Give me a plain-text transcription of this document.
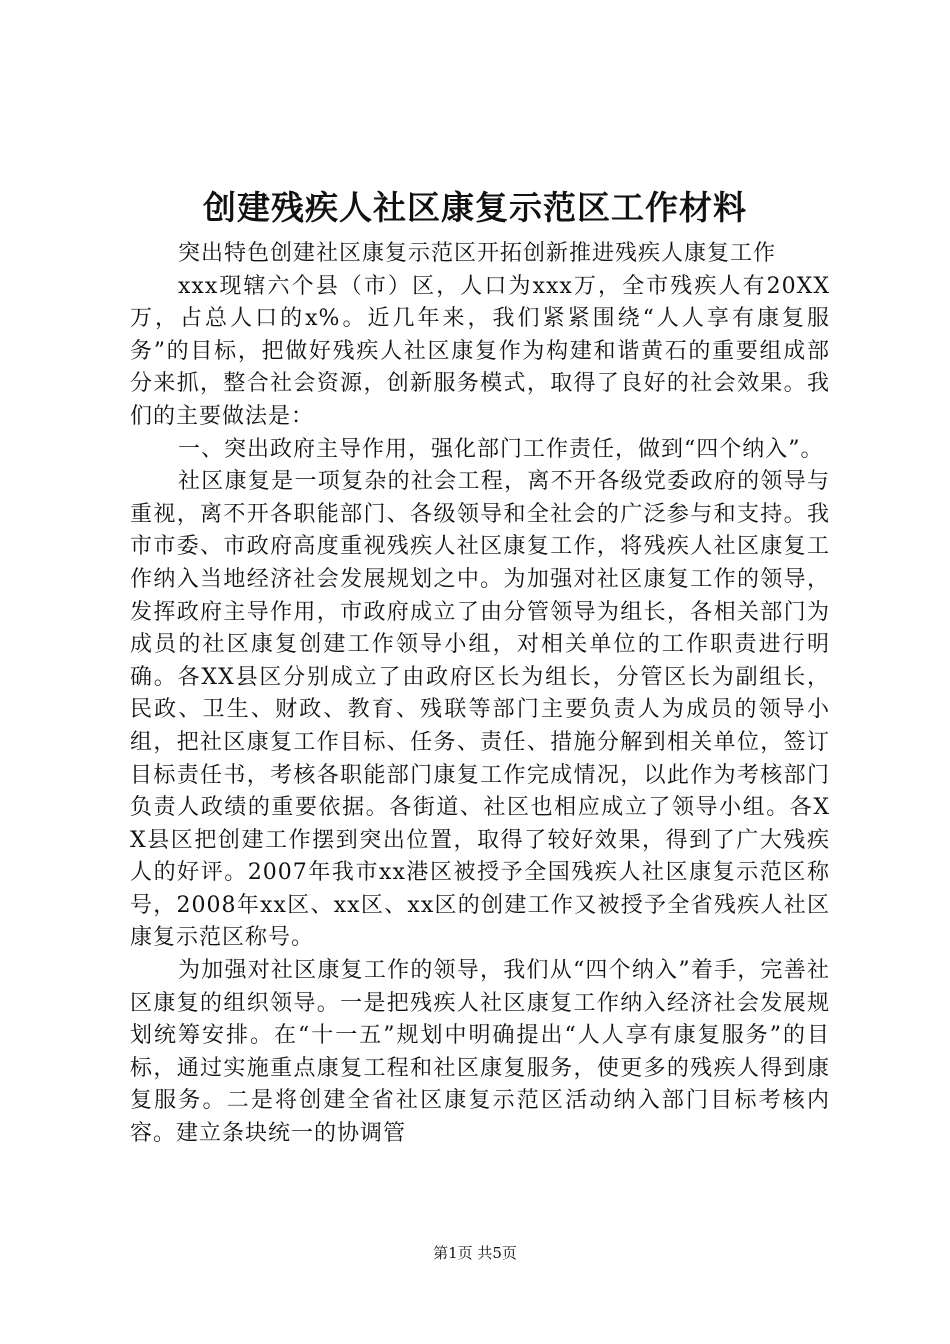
创建残疾人社区康复示范区工作材料

突出特色创建社区康复示范区开拓创新推进残疾人康复工作

xxx现辖六个县（市）区，人口为xxx万，全市残疾人有20XX万，占总人口的x%。近几年来，我们紧紧围绕“人人享有康复服务”的目标，把做好残疾人社区康复作为构建和谐黄石的重要组成部分来抓，整合社会资源，创新服务模式，取得了良好的社会效果。我们的主要做法是：

一、突出政府主导作用，强化部门工作责任，做到“四个纳入”。

社区康复是一项复杂的社会工程，离不开各级党委政府的领导与重视，离不开各职能部门、各级领导和全社会的广泛参与和支持。我市市委、市政府高度重视残疾人社区康复工作，将残疾人社区康复工作纳入当地经济社会发展规划之中。为加强对社区康复工作的领导，发挥政府主导作用，市政府成立了由分管领导为组长，各相关部门为成员的社区康复创建工作领导小组，对相关单位的工作职责进行明确。各XX县区分别成立了由政府区长为组长，分管区长为副组长，民政、卫生、财政、教育、残联等部门主要负责人为成员的领导小组，把社区康复工作目标、任务、责任、措施分解到相关单位，签订目标责任书，考核各职能部门康复工作完成情况，以此作为考核部门负责人政绩的重要依据。各街道、社区也相应成立了领导小组。各XX县区把创建工作摆到突出位置，取得了较好效果，得到了广大残疾人的好评。2007年我市xx港区被授予全国残疾人社区康复示范区称号，2008年xx区、xx区、xx区的创建工作又被授予全省残疾人社区康复示范区称号。

为加强对社区康复工作的领导，我们从“四个纳入”着手，完善社区康复的组织领导。一是把残疾人社区康复工作纳入经济社会发展规划统筹安排。在“十一五”规划中明确提出“人人享有康复服务”的目标，通过实施重点康复工程和社区康复服务，使更多的残疾人得到康复服务。二是将创建全省社区康复示范区活动纳入部门目标考核内容。建立条块统一的协调管

第1页 共5页
